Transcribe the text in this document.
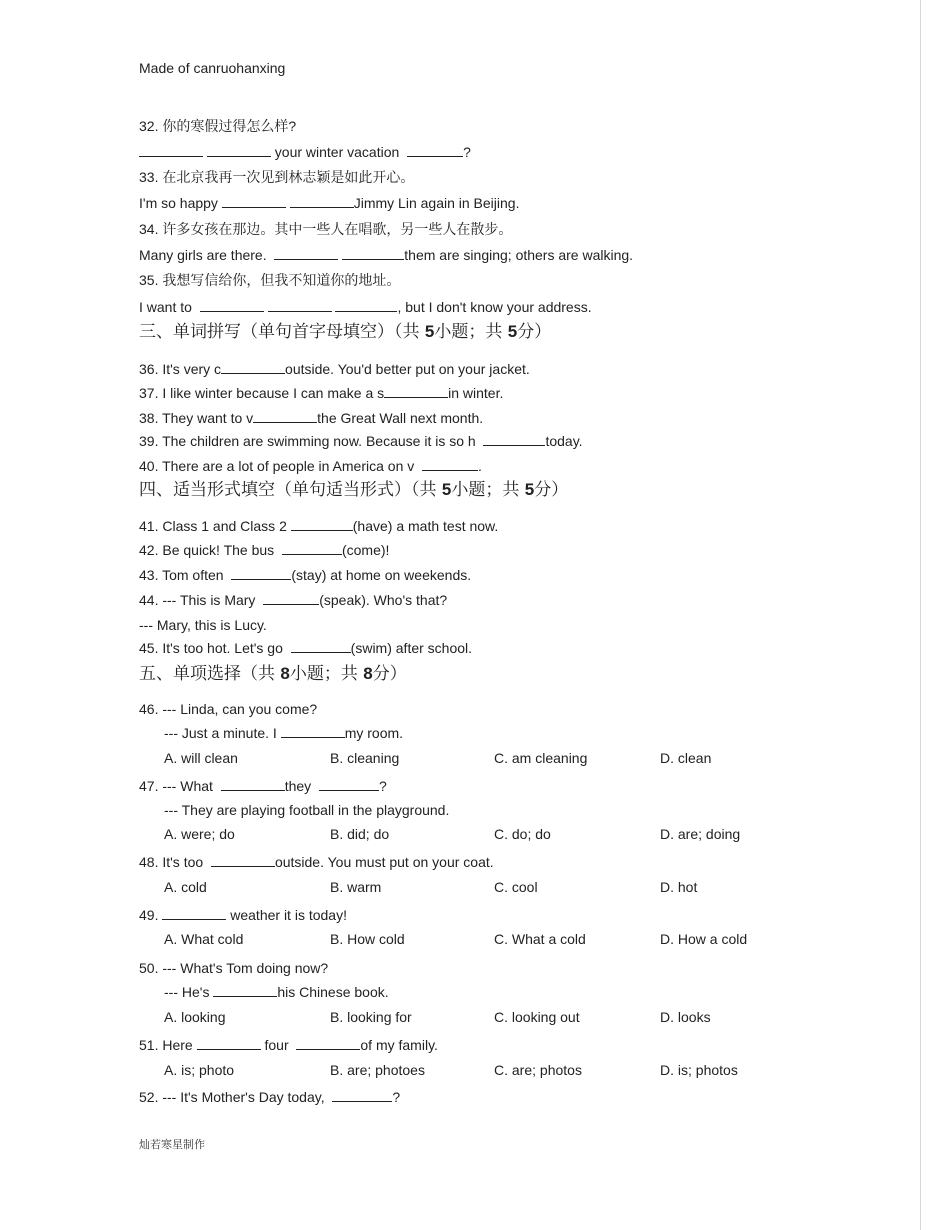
Made of canruohanxing
32. 你的寒假过得怎么样?
your winter vacation	?
33. 在北京我再一次见到林志颖是如此开心。
I'm so happy	Jimmy Lin again in Beijing.
34. 许多女孩在那边。其中一些人在唱歌，另一些人在散步。
Many girls are there.	them are singing; others are walking.
35. 我想写信给你，但我不知道你的地址。
I want to	, but I don't know your address.
三、单词拼写（单句首字母填空）（共 5小题；共 5分）
36. It's very c	outside. You'd better put on your jacket.
37. I like winter because I can make a s	in winter.
38. They want to v	the Great Wall next month.
39. The children are swimming now. Because it is so h	today.
40. There are a lot of people in America on v	.
四、适当形式填空（单句适当形式）（共 5小题；共 5分）
41. Class 1 and Class 2	(have) a math test now.
42. Be quick! The bus	(come)!
43. Tom often	(stay) at home on weekends.
44. --- This is Mary	(speak). Who's that?
--- Mary, this is Lucy.
45. It's too hot. Let's go	(swim) after school.
五、单项选择（共 8小题；共 8分）
46. --- Linda, can you come?
--- Just a minute. I	my room.
A. will clean	B. cleaning	C. am cleaning	D. clean
47. --- What	they	?
--- They are playing football in the playground.
A. were; do	B. did; do	C. do; do	D. are; doing
48. It's too	outside. You must put on your coat.
A. cold	B. warm	C. cool	D. hot
49.	weather it is today!
A. What cold	B. How cold	C. What a cold	D. How a cold
50. --- What's Tom doing now?
--- He's	his Chinese book.
A. looking	B. looking for	C. looking out	D. looks
51. Here	four	of my family.
A. is; photo	B. are; photoes	C. are; photos	D. is; photos
52. --- It's Mother's Day today,	?
灿若寒星制作
